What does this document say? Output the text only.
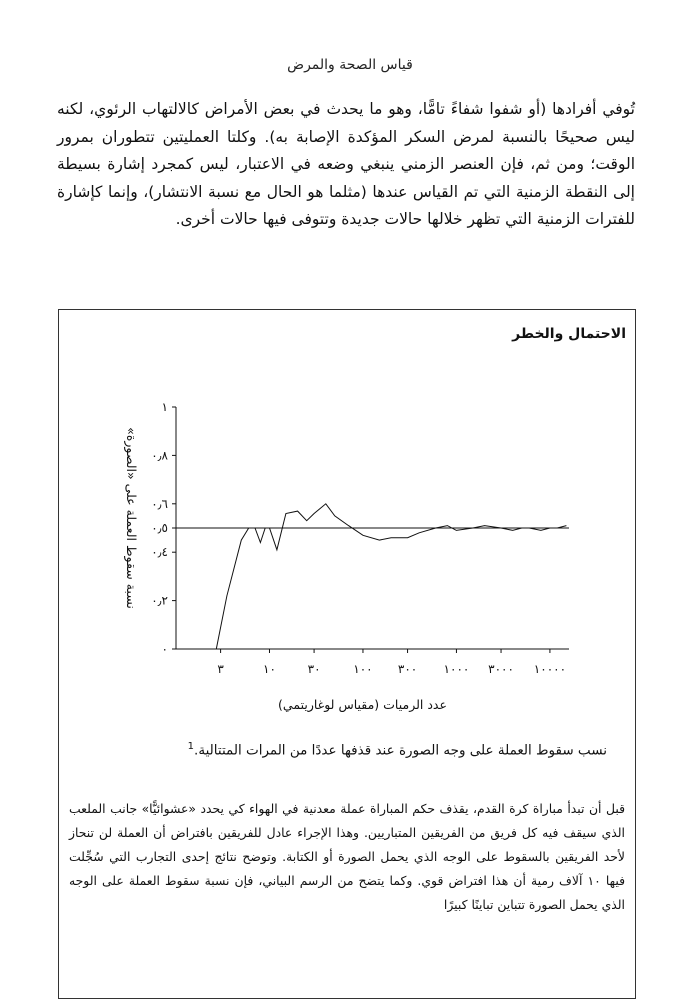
قياس الصحة والمرض

تُوفي أفرادها (أو شفوا شفاءً تامًّا، وهو ما يحدث في بعض الأمراض كالالتهاب الرئوي، لكنه ليس صحيحًا بالنسبة لمرض السكر المؤكدة الإصابة به). وكلتا العمليتين تتطوران بمرور الوقت؛ ومن ثم، فإن العنصر الزمني ينبغي وضعه في الاعتبار، ليس كمجرد إشارة بسيطة إلى النقطة الزمنية التي تم القياس عندها (مثلما هو الحال مع نسبة الانتشار)، وإنما كإشارة للفترات الزمنية التي تظهر خلالها حالات جديدة وتتوفى فيها حالات أخرى.

الاحتمال والخطر
٠
٠٫٢
٠٫٤
٠٫٥
٠٫٦
٠٫٨
١
٣	١٠	٣٠	١٠٠ ٣٠٠ ١٠٠٠ ٣٠٠٠ ١٠٠٠٠
نسبة سقوط العملة على «الصورة»
عدد الرميات (مقياس لوغاريتمي)
نسب سقوط العملة على وجه الصورة عند قذفها عددًا من المرات المتتالية.$^1$

قبل أن تبدأ مباراة كرة القدم، يقذف حكم المباراة عملة معدنية في الهواء كي يحدد «عشوائيًّا» جانب الملعب الذي سيقف فيه كل فريق من الفريقين المتباريين. وهذا الإجراء عادل للفريقين بافتراض أن العملة لن تنحاز لأحد الفريقين بالسقوط على الوجه الذي يحمل الصورة أو الكتابة. وتوضح نتائج إحدى التجارب التي سُجِّلت فيها ١٠ آلاف رمية أن هذا افتراض قوي. وكما يتضح من الرسم البياني، فإن نسبة سقوط العملة على الوجه الذي يحمل الصورة تتباين تباينًا كبيرًا
